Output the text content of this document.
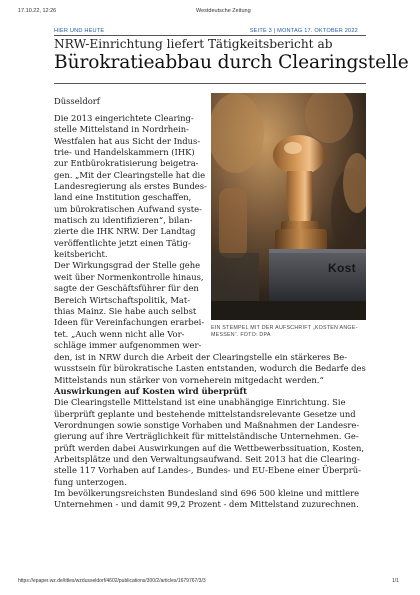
17.10.22, 12:26	Westdeutsche Zeitung
HIER UND HEUTE	SEITE 3 | MONTAG 17. OKTOBER 2022
NRW-Einrichtung liefert Tätigkeitsbericht ab
Bürokratieabbau durch Clearingstelle
Düsseldorf
Die 2013 eingerichtete Clearing-
stelle Mittelstand in Nordrhein-
Westfalen hat aus Sicht der Indus-
trie- und Handelskammern (IHK)
zur Entbürokratisierung beigetra-
gen. „Mit der Clearingstelle hat die
Landesregierung als erstes Bundes-
land eine Institution geschaffen,
um bürokratischen Aufwand syste-
matisch zu identifizieren“, bilan-
zierte die IHK NRW. Der Landtag
veröffentlichte jetzt einen Tätig-
keitsbericht.
Der Wirkungsgrad der Stelle gehe
weit über Normenkontrolle hinaus,
sagte der Geschäftsführer für den
Bereich Wirtschaftspolitik, Mat-
thias Mainz. Sie habe auch selbst
Ideen für Vereinfachungen erarbei-
tet. „Auch wenn nicht alle Vor-
schläge immer aufgenommen wer-
Kost
EIN STEMPEL MIT DER AUFSCHRIFT „KOSTEN ANGE-
MESSEN“. FOTO: DPA
den, ist in NRW durch die Arbeit der Clearingstelle ein stärkeres Be-
wusstsein für bürokratische Lasten entstanden, wodurch die Bedarfe des
Mittelstands nun stärker von vorneherein mitgedacht werden.“
Auswirkungen auf Kosten wird überprüft
Die Clearingstelle Mittelstand ist eine unabhängige Einrichtung. Sie
überprüft geplante und bestehende mittelstandsrelevante Gesetze und
Verordnungen sowie sonstige Vorhaben und Maßnahmen der Landesre-
gierung auf ihre Verträglichkeit für mittelständische Unternehmen. Ge-
prüft werden dabei Auswirkungen auf die Wettbewerbssituation, Kosten,
Arbeitsplätze und den Verwaltungsaufwand. Seit 2013 hat die Clearing-
stelle 117 Vorhaben auf Landes-, Bundes- und EU-Ebene einer Überprü-
fung unterzogen.
Im bevölkerungsreichsten Bundesland sind 696 500 kleine und mittlere
Unternehmen - und damit 99,2 Prozent - dem Mittelstand zuzurechnen.
https://epaper.wz.de/titles/wzdusseldorf/4602/publications/300/2/articles/1679767/3/3	1/1
